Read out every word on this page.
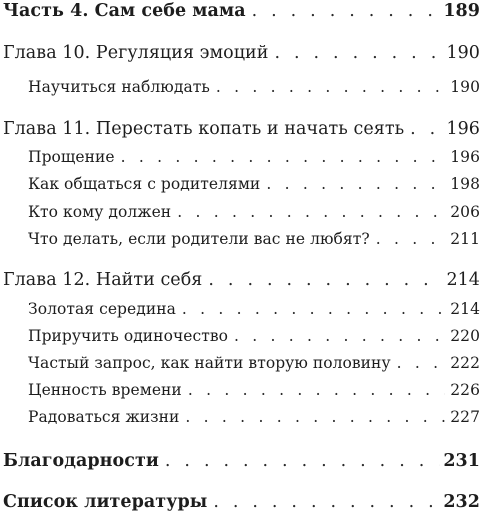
Часть 4. Сам себе мама . . .	189
Глава 10. Регуляция эмоций . . .	190
Научиться наблюдать . . .	190
Глава 11. Перестать копать и начать сеять . . . 196
Прощение . . .	196
Как общаться с родителями . . .	198
Кто кому должен . . .	206
Что делать, если родители вас не любят? . . .	211
Глава 12. Найти себя . . .	214
Золотая середина . . .	214
Приручить одиночество . . .	220
Частый запрос, как найти вторую половину . . .	222
Ценность времени . . .	226
Радоваться жизни . . .	227
Благодарности . . .	231
Список литературы . . .	232
